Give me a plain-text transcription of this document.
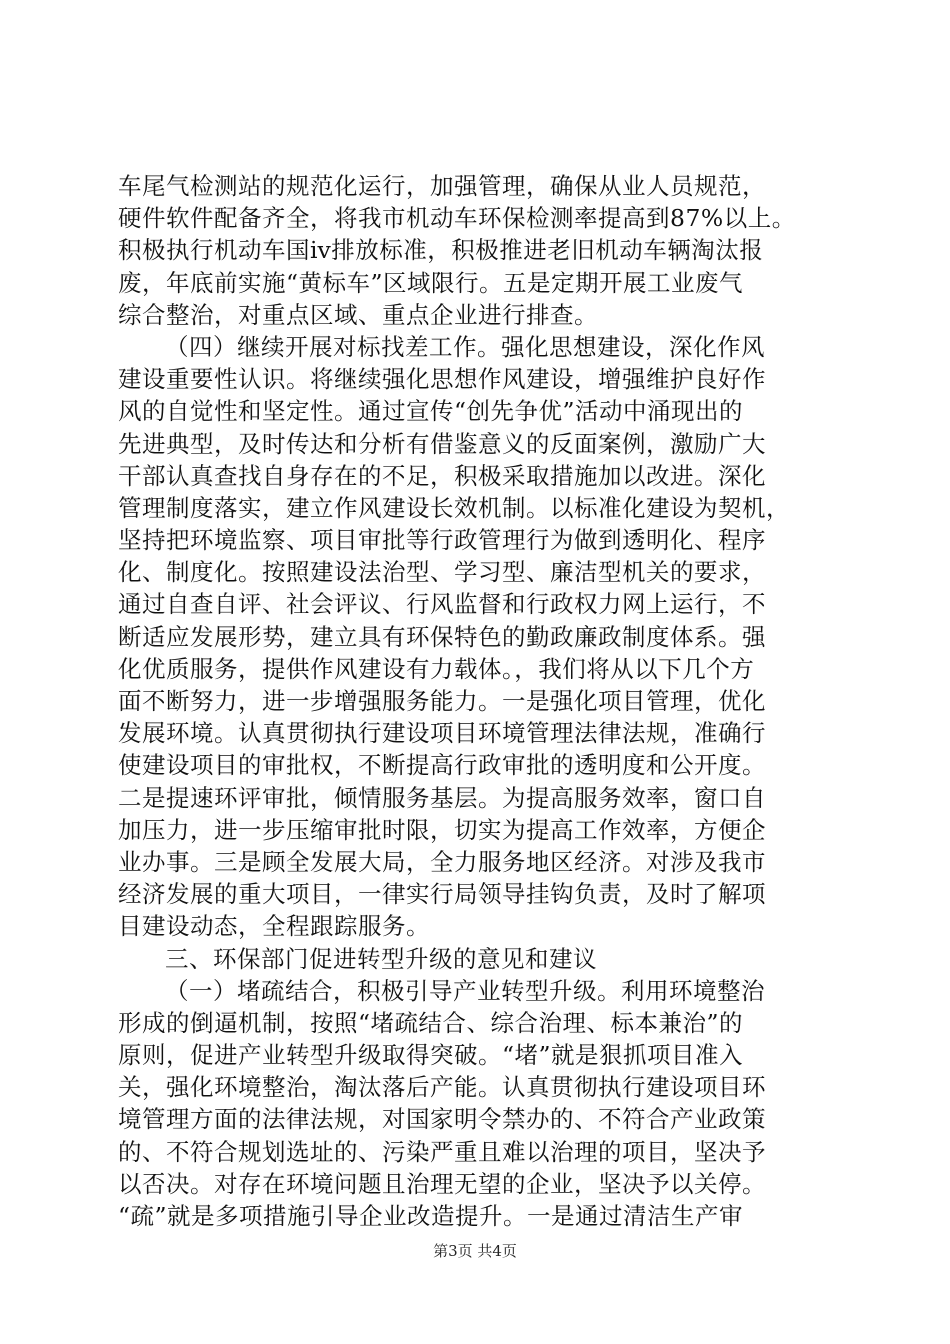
车尾气检测站的规范化运行，加强管理，确保从业人员规范，
硬件软件配备齐全，将我市机动车环保检测率提高到87%以上。
积极执行机动车国ⅳ排放标准，积极推进老旧机动车辆淘汰报
废，年底前实施“黄标车”区域限行。五是定期开展工业废气
综合整治，对重点区域、重点企业进行排查。
（四）继续开展对标找差工作。强化思想建设，深化作风
建设重要性认识。将继续强化思想作风建设，增强维护良好作
风的自觉性和坚定性。通过宣传“创先争优”活动中涌现出的
先进典型，及时传达和分析有借鉴意义的反面案例，激励广大
干部认真查找自身存在的不足，积极采取措施加以改进。深化
管理制度落实，建立作风建设长效机制。以标准化建设为契机，
坚持把环境监察、项目审批等行政管理行为做到透明化、程序
化、制度化。按照建设法治型、学习型、廉洁型机关的要求，
通过自查自评、社会评议、行风监督和行政权力网上运行，不
断适应发展形势，建立具有环保特色的勤政廉政制度体系。强
化优质服务，提供作风建设有力载体。，我们将从以下几个方
面不断努力，进一步增强服务能力。一是强化项目管理，优化
发展环境。认真贯彻执行建设项目环境管理法律法规，准确行
使建设项目的审批权，不断提高行政审批的透明度和公开度。
二是提速环评审批，倾情服务基层。为提高服务效率，窗口自
加压力，进一步压缩审批时限，切实为提高工作效率，方便企
业办事。三是顾全发展大局，全力服务地区经济。对涉及我市
经济发展的重大项目，一律实行局领导挂钩负责，及时了解项
目建设动态，全程跟踪服务。
三、环保部门促进转型升级的意见和建议
（一）堵疏结合，积极引导产业转型升级。利用环境整治
形成的倒逼机制，按照“堵疏结合、综合治理、标本兼治”的
原则，促进产业转型升级取得突破。“堵”就是狠抓项目准入
关，强化环境整治，淘汰落后产能。认真贯彻执行建设项目环
境管理方面的法律法规，对国家明令禁办的、不符合产业政策
的、不符合规划选址的、污染严重且难以治理的项目，坚决予
以否决。对存在环境问题且治理无望的企业，坚决予以关停。
“疏”就是多项措施引导企业改造提升。一是通过清洁生产审
第3页 共4页
